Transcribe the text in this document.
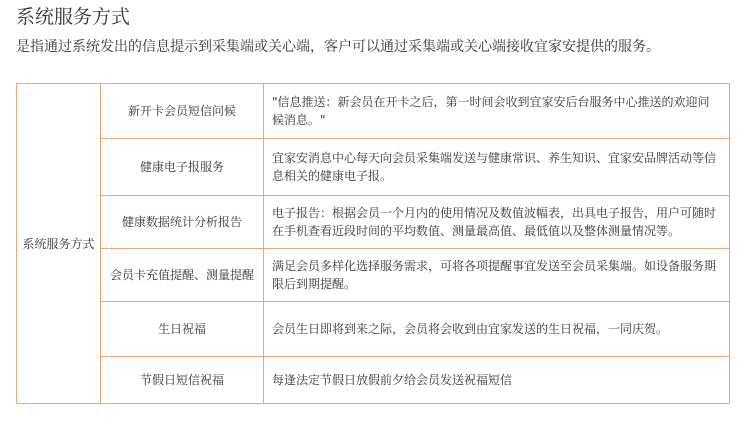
系统服务方式

是指通过系统发出的信息提示到采集端或关心端，客户可以通过采集端或关心端接收宜家安提供的服务。

系统服务方式	新开卡会员短信问候	"信息推送：新会员在开卡之后，第一时间会收到宜家安后台服务中心推送的欢迎问候消息。"
	健康电子报服务	宜家安消息中心每天向会员采集端发送与健康常识、养生知识、宜家安品牌活动等信息相关的健康电子报。
	健康数据统计分析报告	电子报告：根据会员一个月内的使用情况及数值波幅表，出具电子报告，用户可随时在手机查看近段时间的平均数值、测量最高值、最低值以及整体测量情况等。
	会员卡充值提醒、测量提醒	满足会员多样化选择服务需求，可将各项提醒事宜发送至会员采集端。如设备服务期限后到期提醒。
	生日祝福	会员生日即将到来之际，会员将会收到由宜家发送的生日祝福，一同庆贺。
	节假日短信祝福	每逢法定节假日放假前夕给会员发送祝福短信
